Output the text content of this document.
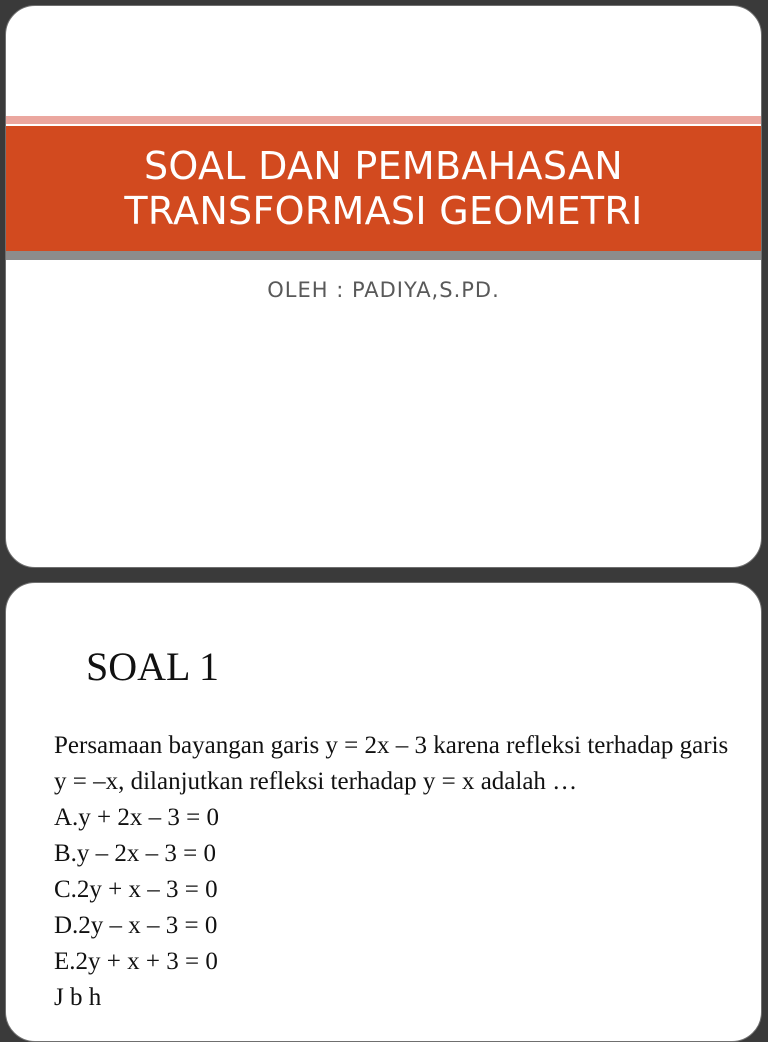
SOAL DAN PEMBAHASAN
TRANSFORMASI GEOMETRI
OLEH : PADIYA,S.PD.
SOAL 1

Persamaan bayangan garis y = 2x – 3 karena refleksi terhadap garis y = –x, dilanjutkan refleksi terhadap y = x adalah …

A.y + 2x – 3 = 0

B.y – 2x – 3 = 0

C.2y + x – 3 = 0

D.2y – x – 3 = 0

E.2y + x + 3 = 0

J b h
